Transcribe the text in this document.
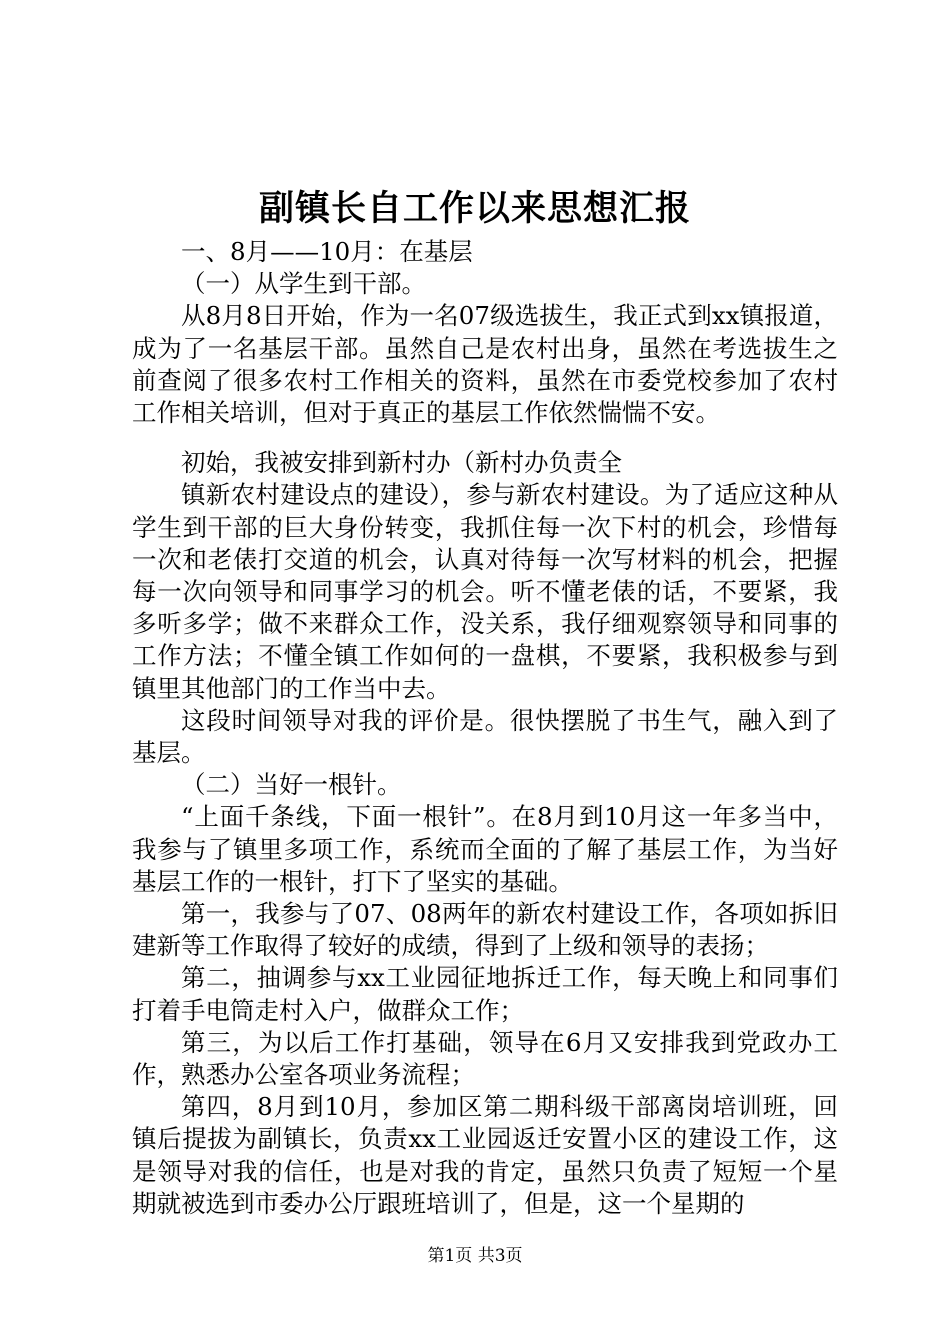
副镇长自工作以来思想汇报

一、8月——10月：在基层

（一）从学生到干部。

从8月8日开始，作为一名07级选拔生，我正式到xx镇报道，成为了一名基层干部。虽然自己是农村出身，虽然在考选拔生之前查阅了很多农村工作相关的资料，虽然在市委党校参加了农村工作相关培训，但对于真正的基层工作依然惴惴不安。

初始，我被安排到新村办（新村办负责全

镇新农村建设点的建设），参与新农村建设。为了适应这种从学生到干部的巨大身份转变，我抓住每一次下村的机会，珍惜每一次和老俵打交道的机会，认真对待每一次写材料的机会，把握每一次向领导和同事学习的机会。听不懂老俵的话，不要紧，我多听多学；做不来群众工作，没关系，我仔细观察领导和同事的工作方法；不懂全镇工作如何的一盘棋，不要紧，我积极参与到镇里其他部门的工作当中去。

这段时间领导对我的评价是。很快摆脱了书生气，融入到了基层。

（二）当好一根针。

“上面千条线，下面一根针”。在8月到10月这一年多当中，我参与了镇里多项工作，系统而全面的了解了基层工作，为当好基层工作的一根针，打下了坚实的基础。

第一，我参与了07、08两年的新农村建设工作，各项如拆旧建新等工作取得了较好的成绩，得到了上级和领导的表扬；

第二，抽调参与xx工业园征地拆迁工作，每天晚上和同事们打着手电筒走村入户，做群众工作；

第三，为以后工作打基础，领导在6月又安排我到党政办工作，熟悉办公室各项业务流程；

第四，8月到10月，参加区第二期科级干部离岗培训班，回镇后提拔为副镇长，负责xx工业园返迁安置小区的建设工作，这是领导对我的信任，也是对我的肯定，虽然只负责了短短一个星期就被选到市委办公厅跟班培训了，但是，这一个星期的

第1页 共3页
